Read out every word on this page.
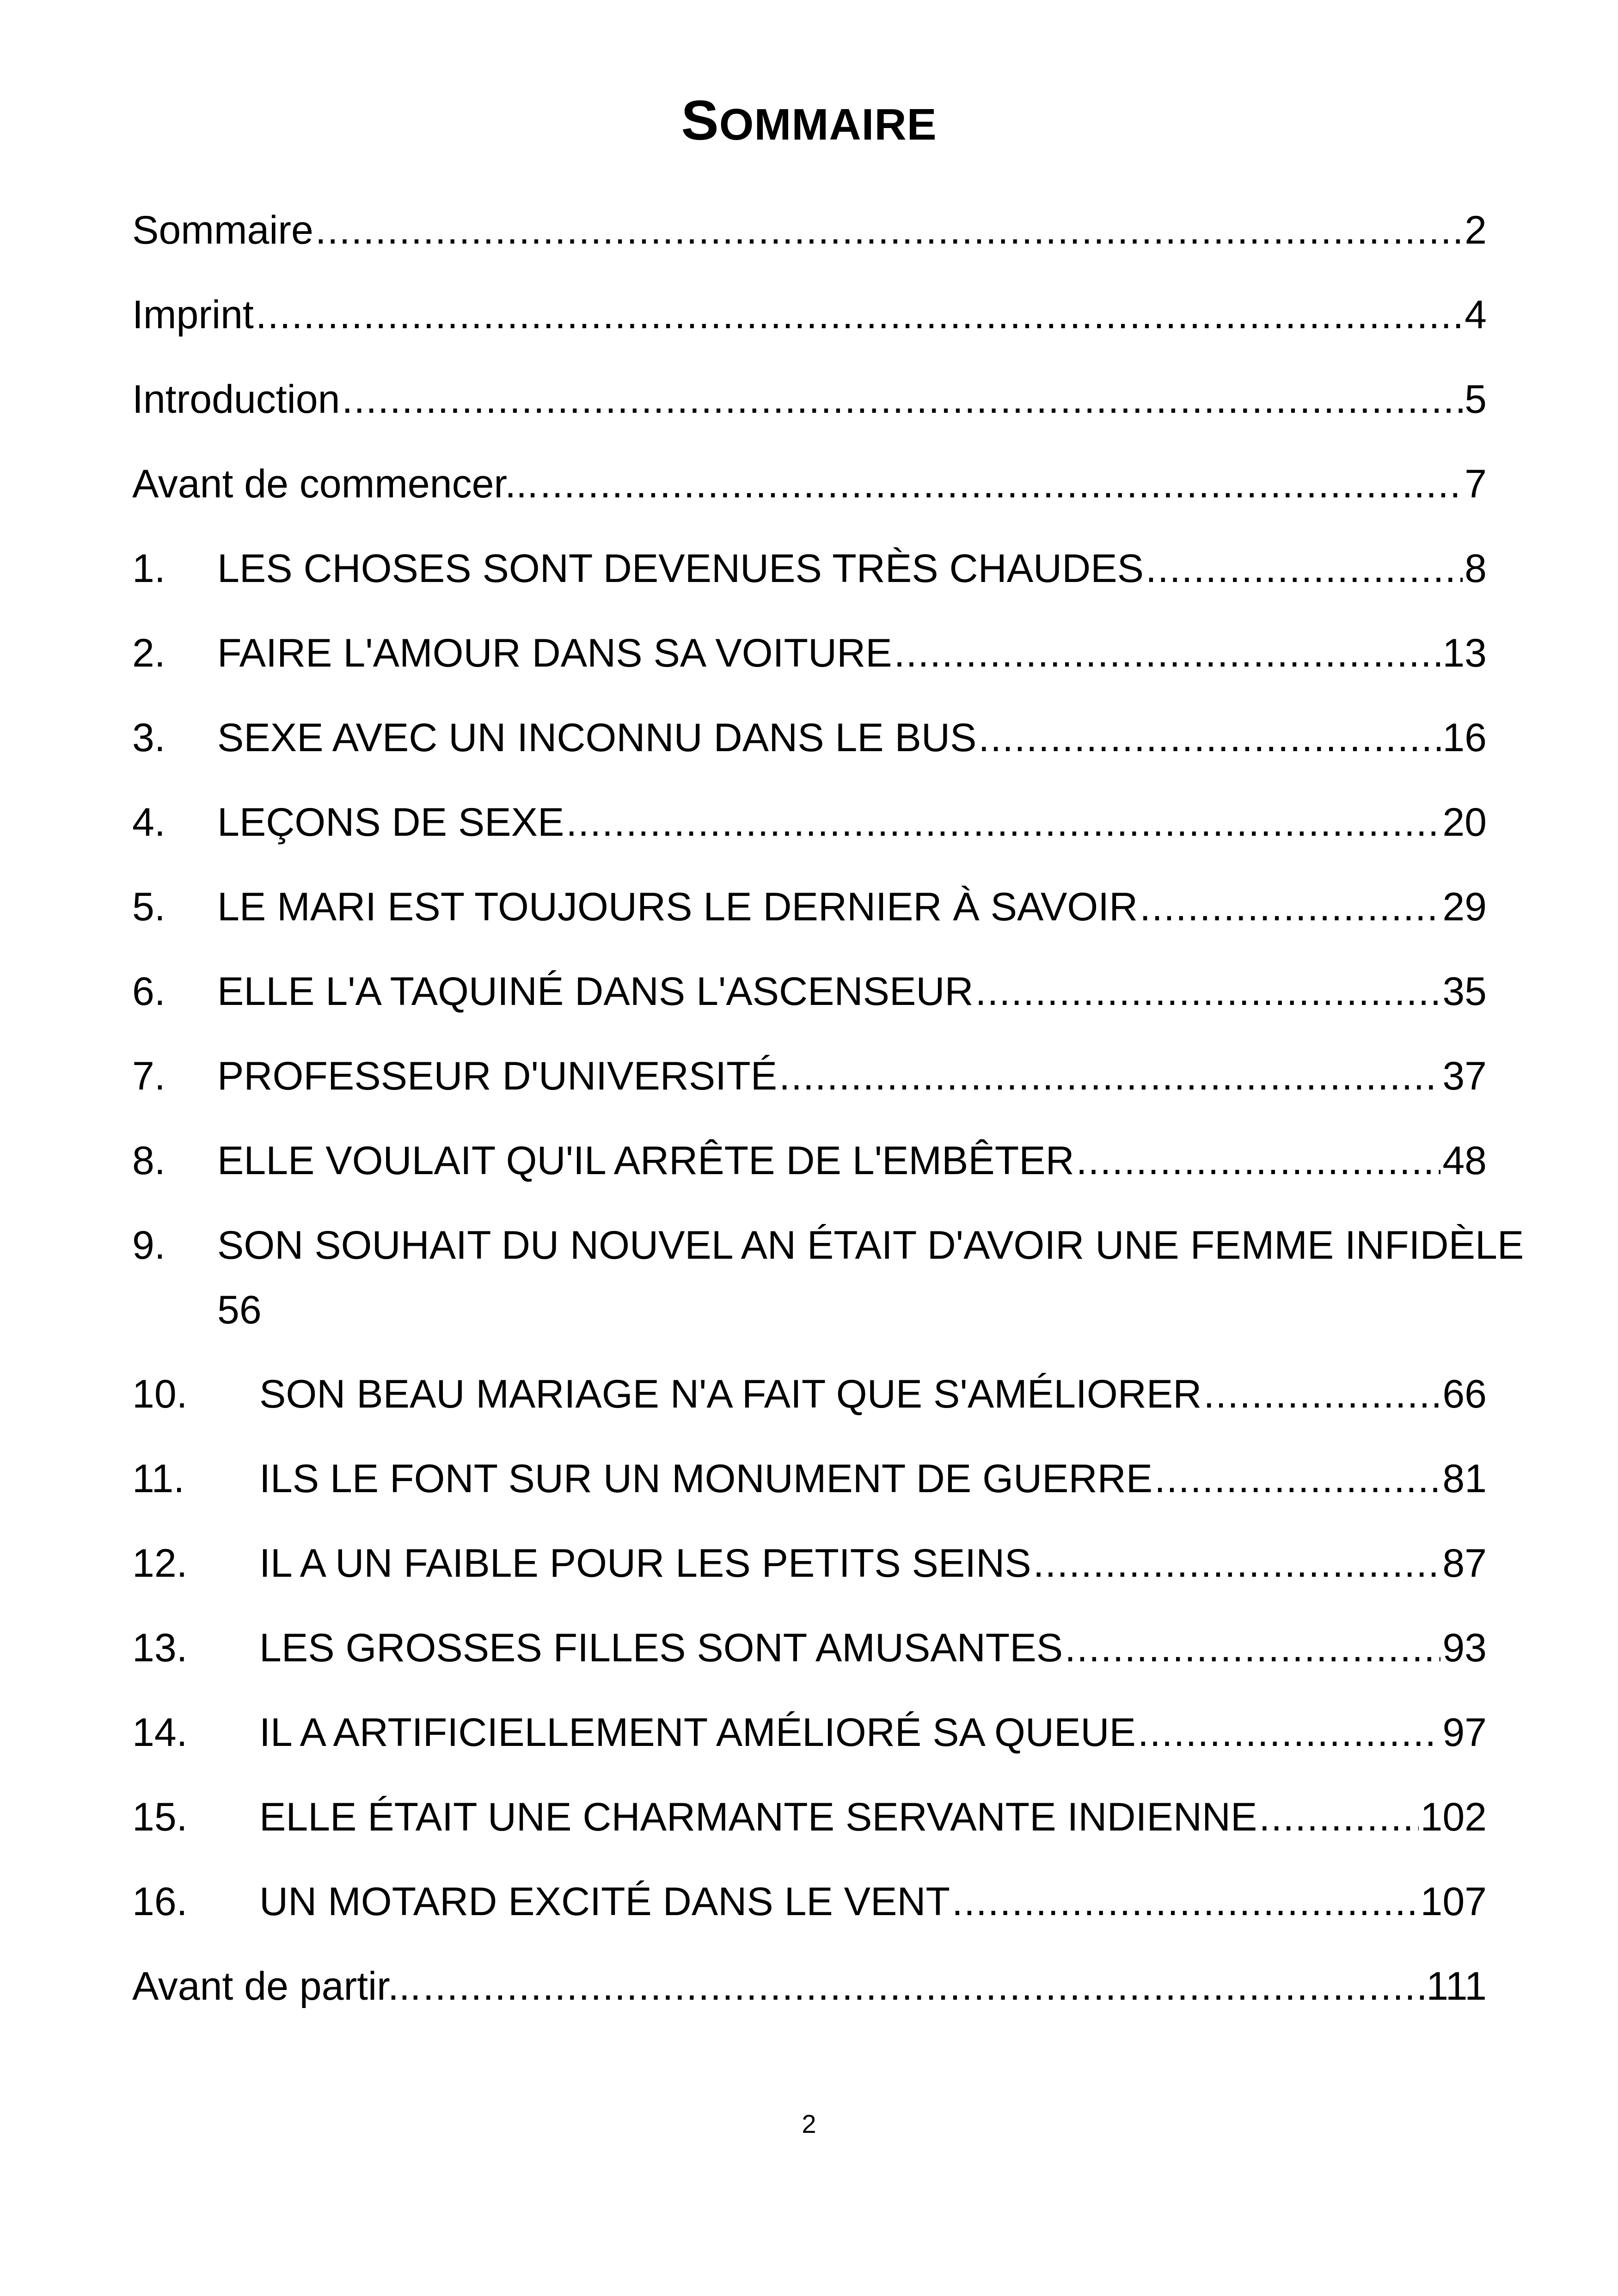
SOMMAIRE
Sommaire .....	2
Imprint .....	4
Introduction .....	5
Avant de commencer... .....	7
1.	LES CHOSES SONT DEVENUES TRÈS CHAUDES .....	8
2.	FAIRE L'AMOUR DANS SA VOITURE .....	13
3.	SEXE AVEC UN INCONNU DANS LE BUS .....	16
4.	LEÇONS DE SEXE .....	20
5.	LE MARI EST TOUJOURS LE DERNIER À SAVOIR .....	29
6.	ELLE L'A TAQUINÉ DANS L'ASCENSEUR .....	35
7.	PROFESSEUR D'UNIVERSITÉ .....	37
8.	ELLE VOULAIT QU'IL ARRÊTE DE L'EMBÊTER .....	48
9.	SON SOUHAIT DU NOUVEL AN ÉTAIT D'AVOIR UNE FEMME INFIDÈLE
56
10.	SON BEAU MARIAGE N'A FAIT QUE S'AMÉLIORER .....	66
11.	ILS LE FONT SUR UN MONUMENT DE GUERRE .....	81
12.	IL A UN FAIBLE POUR LES PETITS SEINS .....	87
13.	LES GROSSES FILLES SONT AMUSANTES .....	93
14.	IL A ARTIFICIELLEMENT AMÉLIORÉ SA QUEUE .....	97
15.	ELLE ÉTAIT UNE CHARMANTE SERVANTE INDIENNE .....	102
16.	UN MOTARD EXCITÉ DANS LE VENT .....	107
Avant de partir... .....	111
2
